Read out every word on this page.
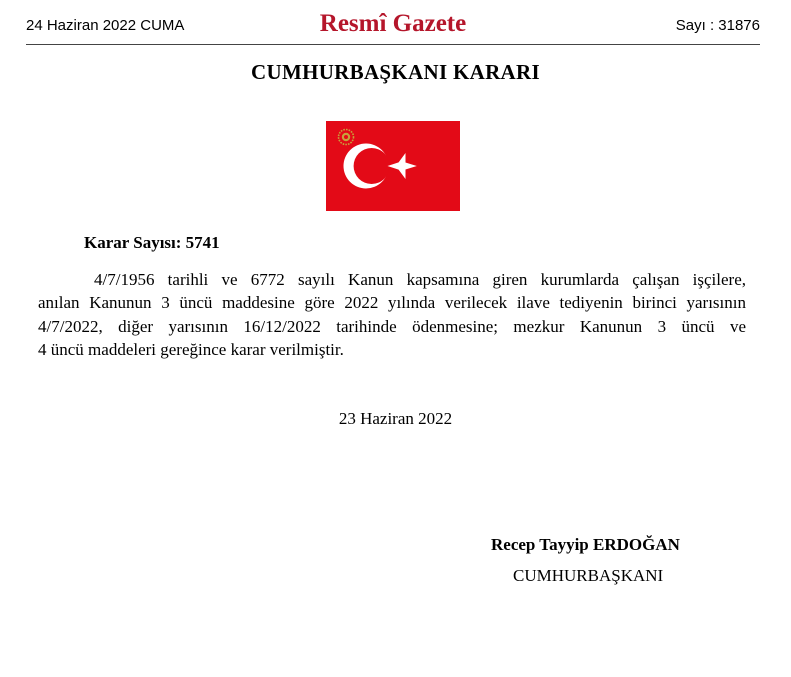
24 Haziran 2022 CUMA	Resmî Gazete	Sayı : 31876
CUMHURBAŞKANI KARARI
Karar Sayısı: 5741
4/7/1956 tarihli ve 6772 sayılı Kanun kapsamına giren kurumlarda çalışan işçilere,
anılan Kanunun 3 üncü maddesine göre 2022 yılında verilecek ilave tediyenin birinci yarısının
4/7/2022, diğer yarısının 16/12/2022 tarihinde ödenmesine; mezkur Kanunun 3 üncü ve
4 üncü maddeleri gereğince karar verilmiştir.
23 Haziran 2022
Recep Tayyip ERDOĞAN
CUMHURBAŞKANI
